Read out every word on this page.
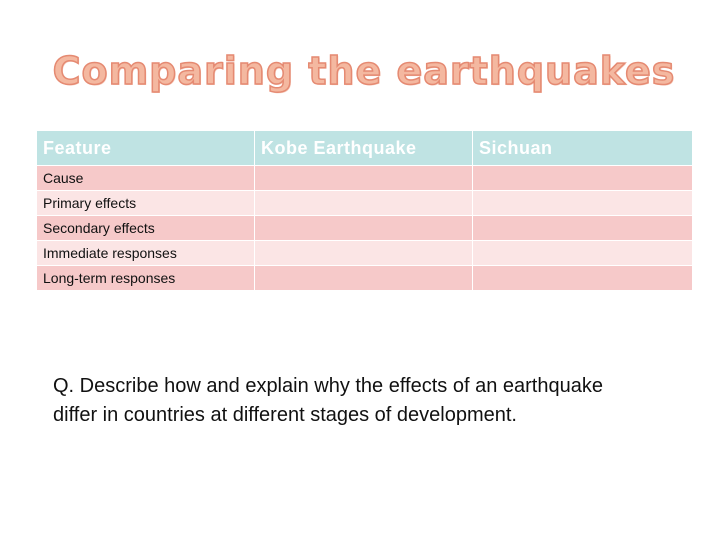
Comparing the earthquakes
Feature	Kobe Earthquake	Sichuan
Cause		
Primary effects		
Secondary effects		
Immediate responses		
Long-term responses		
Q. Describe how and explain why the effects of an earthquake differ in countries at different stages of development.
